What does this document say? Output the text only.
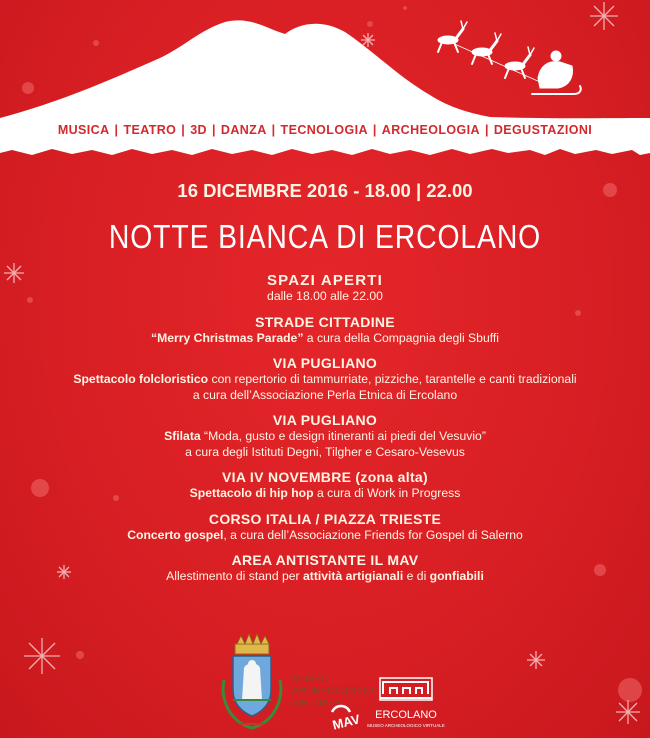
MUSICA | TEATRO | 3D | DANZA | TECNOLOGIA | ARCHEOLOGIA | DEGUSTAZIONI
16 DICEMBRE 2016 - 18.00 | 22.00
NOTTE BIANCA DI ERCOLANO
SPAZI APERTI
dalle 18.00 alle 22.00
STRADE CITTADINE
“Merry Christmas Parade” a cura della Compagnia degli Sbuffi
VIA PUGLIANO
Spettacolo folcloristico con repertorio di tammurriate, pizziche, tarantelle e canti tradizionali
a cura dell’Associazione Perla Etnica di Ercolano
VIA PUGLIANO
Sfilata “Moda, gusto e design itineranti ai piedi del Vesuvio”
a cura degli Istituti Degni, Tilgher e Cesaro-Vesevus
VIA IV NOVEMBRE (zona alta)
Spettacolo di hip hop a cura di Work in Progress
CORSO ITALIA / PIAZZA TRIESTE
Concerto gospel, a cura dell’Associazione Friends for Gospel di Salerno
AREA ANTISTANTE IL MAV
Allestimento di stand per attività artigianali e di gonfiabili
MUSEO
ARCHEOLOGICO
VIRTUALE
MAV ERCOLANO
MUSEO ARCHEOLOGICO VIRTUALE
